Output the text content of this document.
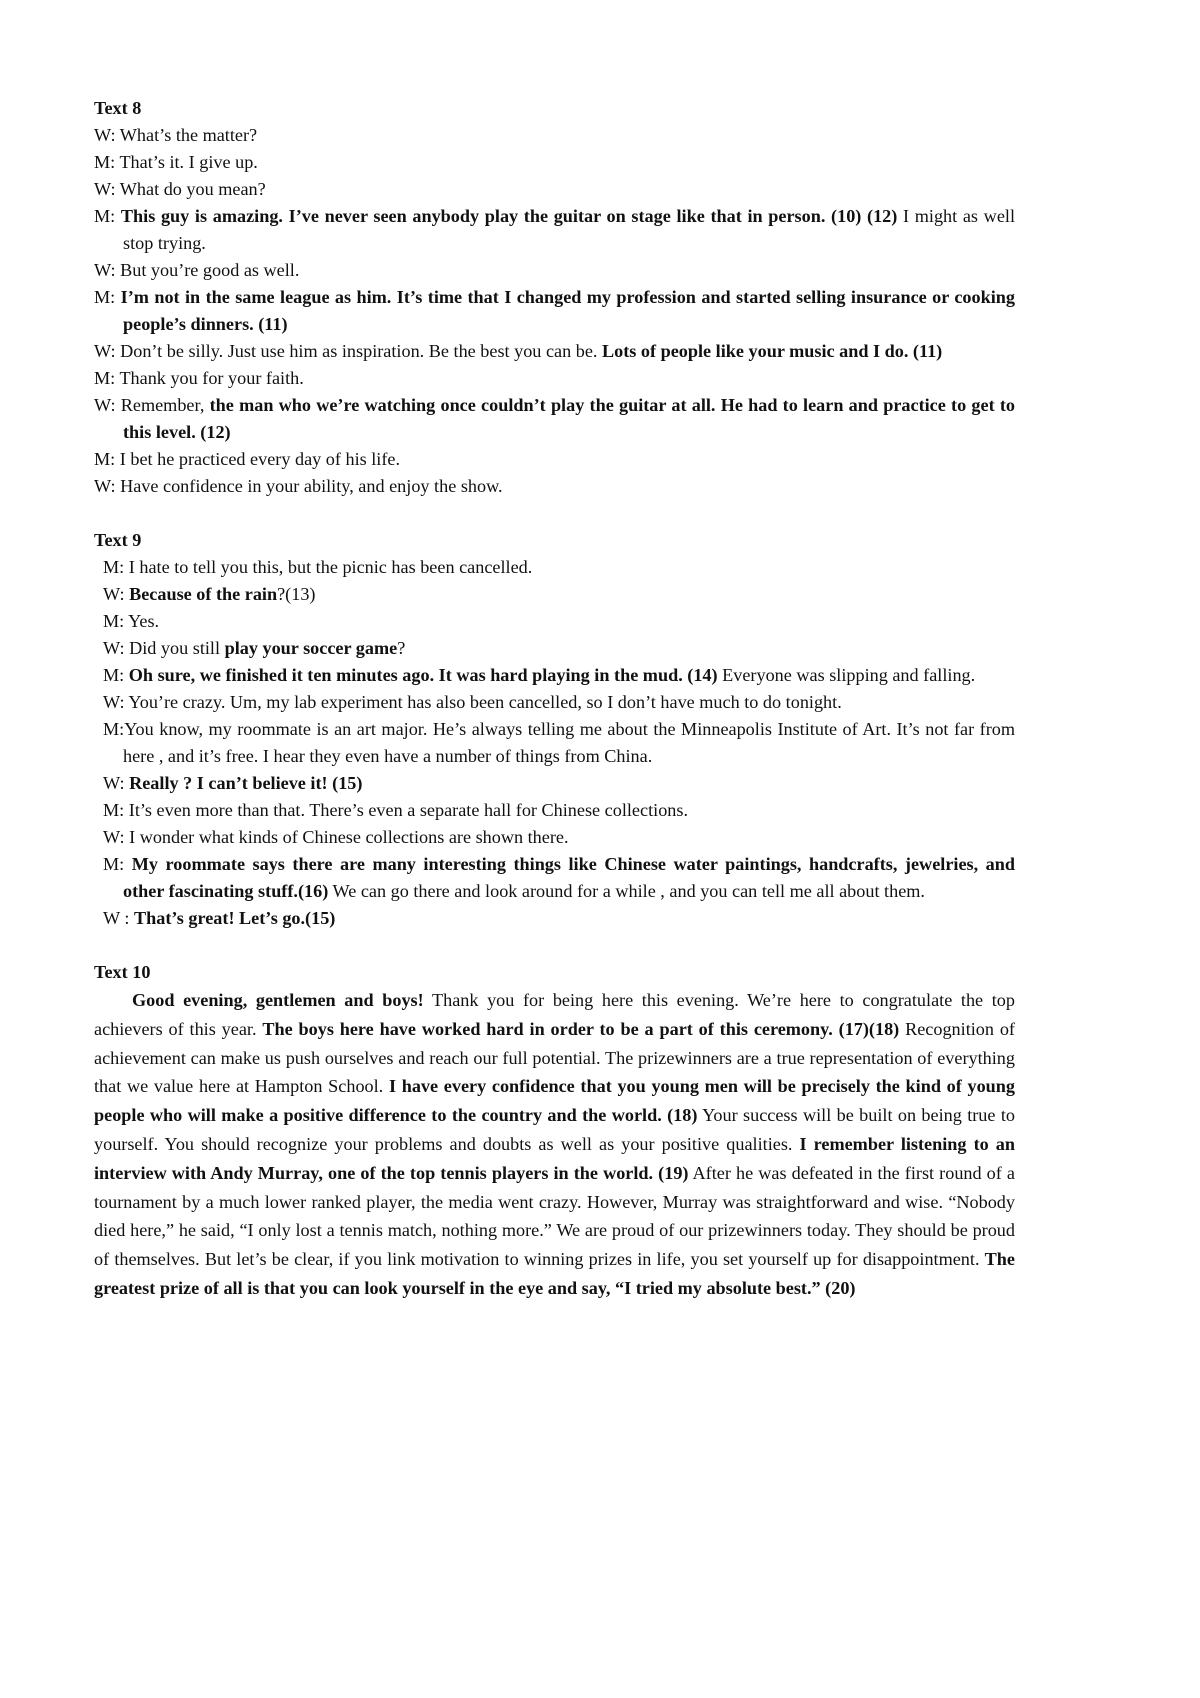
Text 8

W: What’s the matter?

M: That’s it. I give up.

W: What do you mean?

M: This guy is amazing. I’ve never seen anybody play the guitar on stage like that in person. (10) (12) I might as well stop trying.

W: But you’re good as well.

M: I’m not in the same league as him. It’s time that I changed my profession and started selling insurance or cooking people’s dinners. (11)

W: Don’t be silly. Just use him as inspiration. Be the best you can be. Lots of people like your music and I do. (11)

M: Thank you for your faith.

W: Remember, the man who we’re watching once couldn’t play the guitar at all. He had to learn and practice to get to this level. (12)

M: I bet he practiced every day of his life.

W: Have confidence in your ability, and enjoy the show.

Text 9

M: I hate to tell you this, but the picnic has been cancelled.

W: Because of the rain?(13)

M: Yes.

W: Did you still play your soccer game?

M: Oh sure, we finished it ten minutes ago. It was hard playing in the mud. (14) Everyone was slipping and falling.

W: You’re crazy. Um, my lab experiment has also been cancelled, so I don’t have much to do tonight.

M:You know, my roommate is an art major. He’s always telling me about the Minneapolis Institute of Art. It’s not far from here , and it’s free. I hear they even have a number of things from China.

W: Really ? I can’t believe it! (15)

M: It’s even more than that. There’s even a separate hall for Chinese collections.

W: I wonder what kinds of Chinese collections are shown there.

M: My roommate says there are many interesting things like Chinese water paintings, handcrafts, jewelries, and other fascinating stuff.(16) We can go there and look around for a while , and you can tell me all about them.

W : That’s great! Let’s go.(15)

Text 10

Good evening, gentlemen and boys! Thank you for being here this evening. We’re here to congratulate the top achievers of this year. The boys here have worked hard in order to be a part of this ceremony. (17)(18) Recognition of achievement can make us push ourselves and reach our full potential. The prizewinners are a true representation of everything that we value here at Hampton School. I have every confidence that you young men will be precisely the kind of young people who will make a positive difference to the country and the world. (18) Your success will be built on being true to yourself. You should recognize your problems and doubts as well as your positive qualities. I remember listening to an interview with Andy Murray, one of the top tennis players in the world. (19) After he was defeated in the first round of a tournament by a much lower ranked player, the media went crazy. However, Murray was straightforward and wise. “Nobody died here,” he said, “I only lost a tennis match, nothing more.” We are proud of our prizewinners today. They should be proud of themselves. But let’s be clear, if you link motivation to winning prizes in life, you set yourself up for disappointment. The greatest prize of all is that you can look yourself in the eye and say, “I tried my absolute best.” (20)
